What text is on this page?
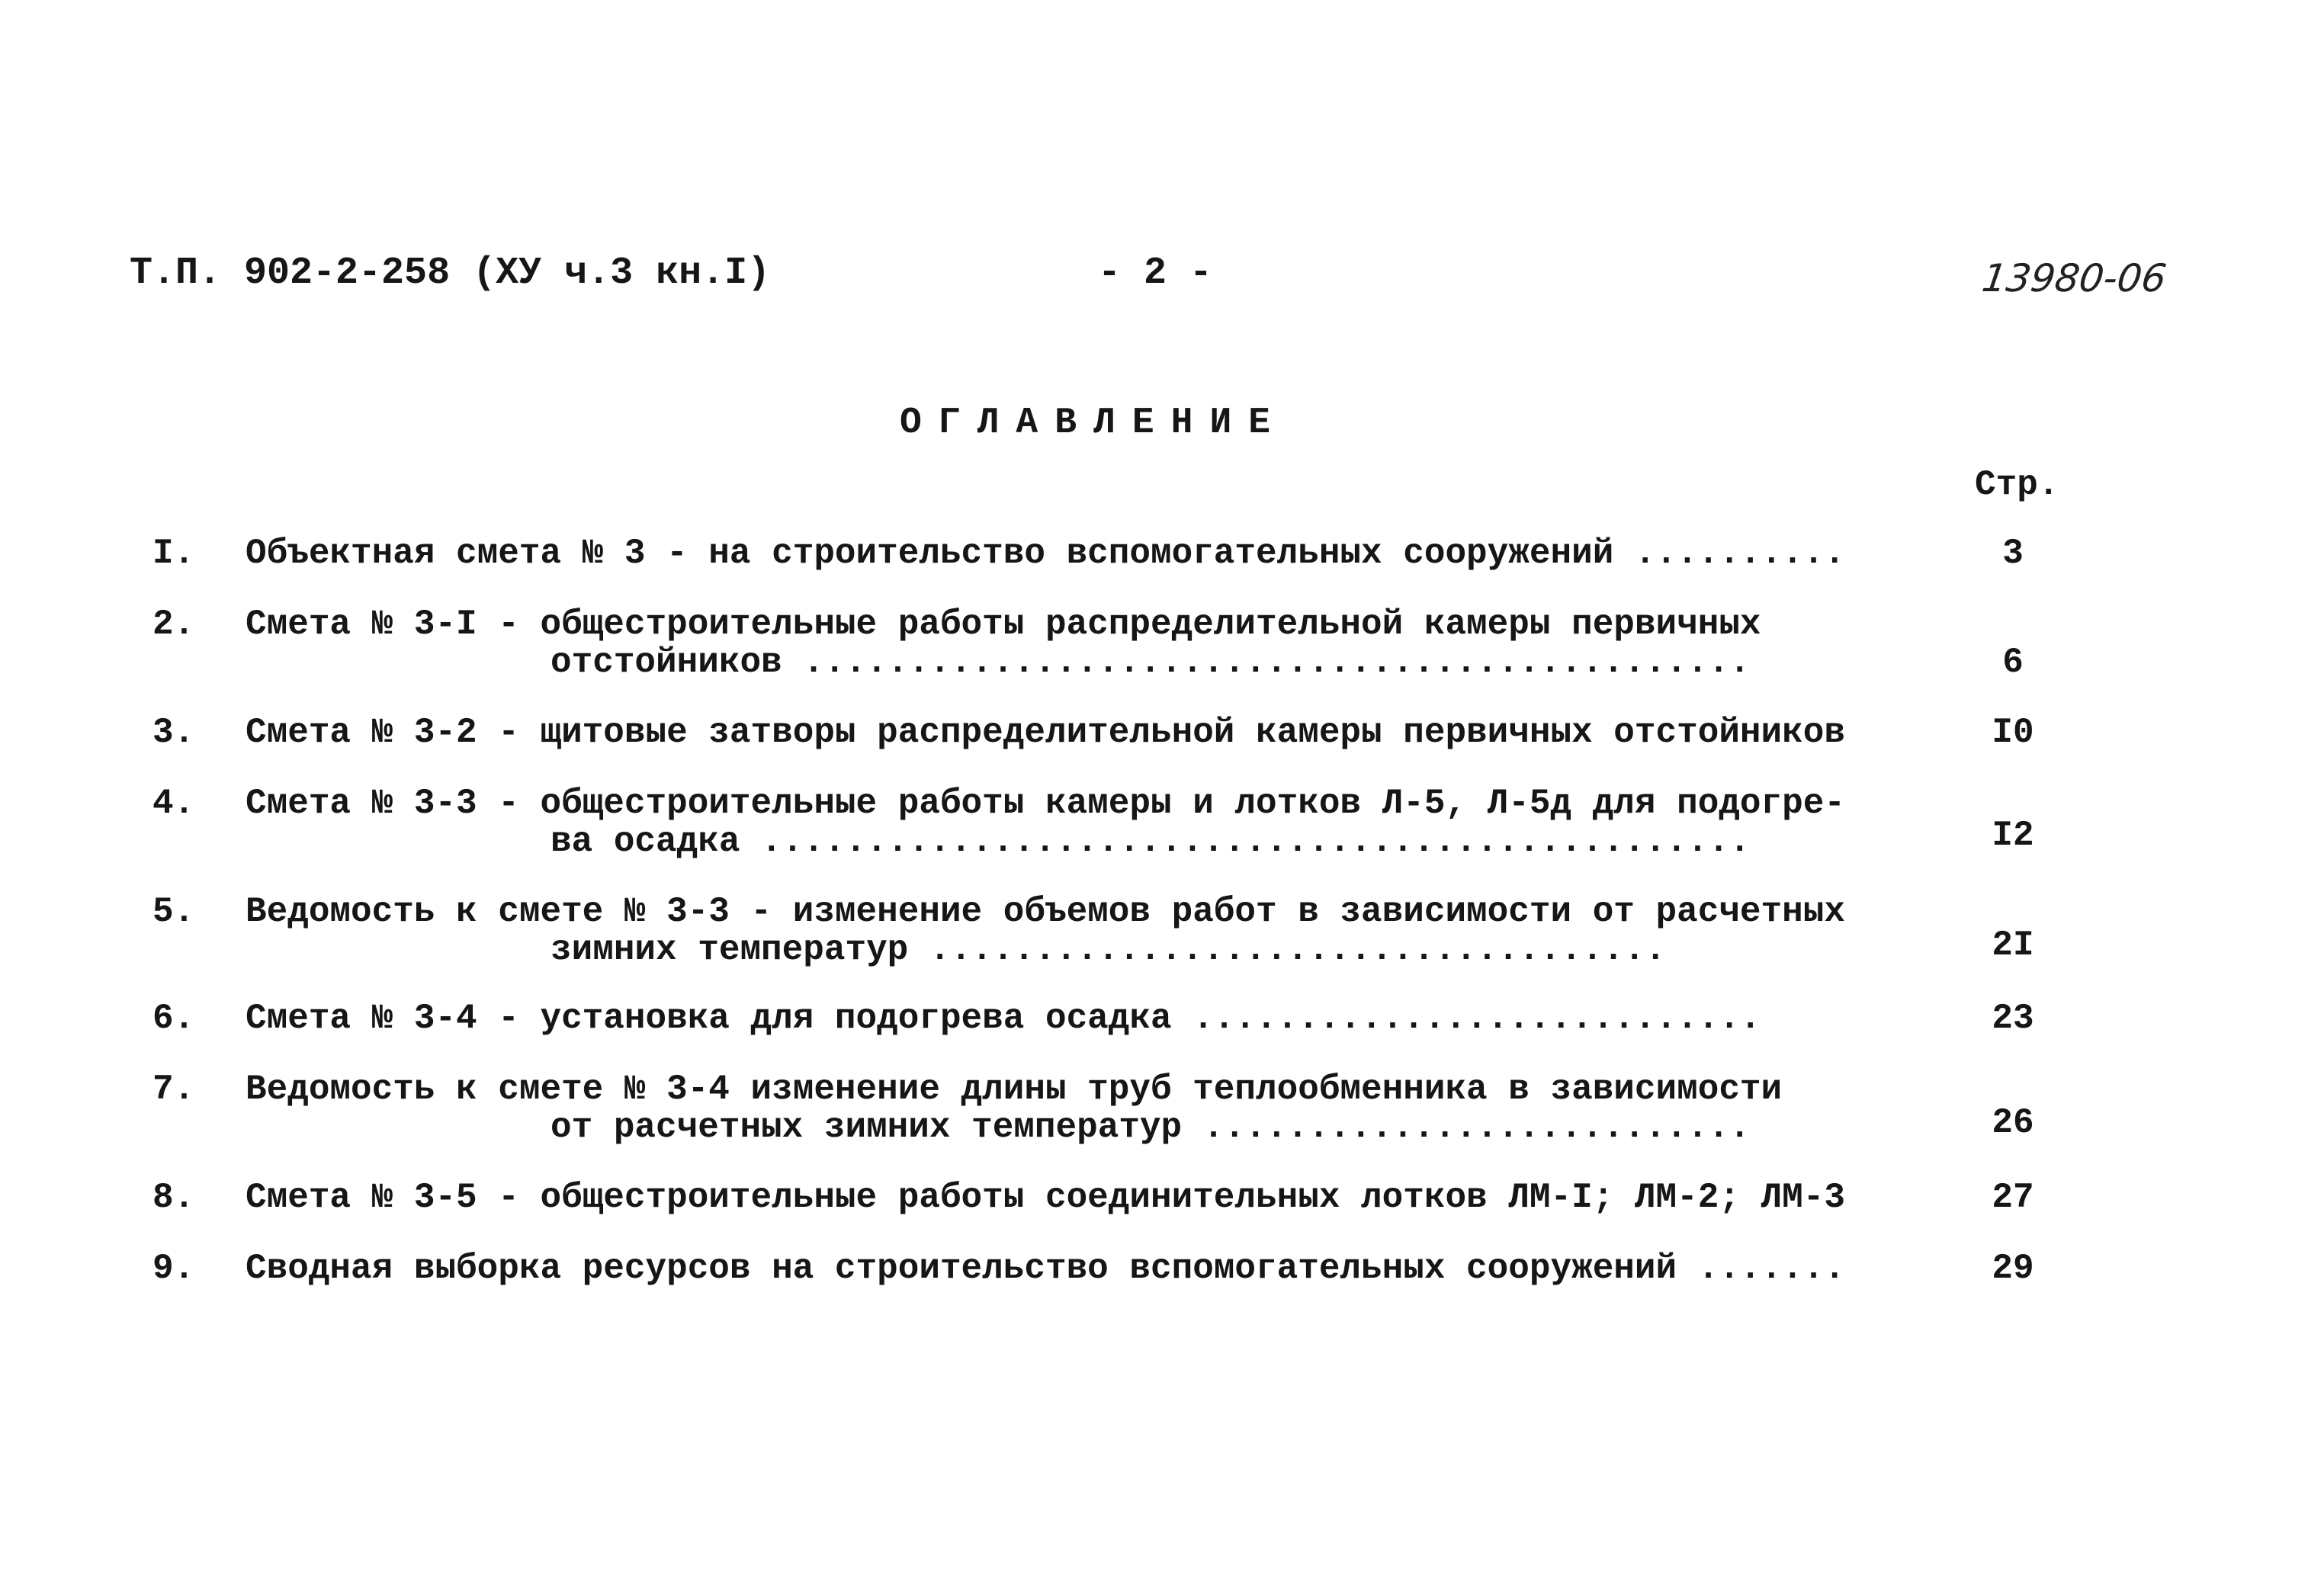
Т.П. 902-2-258 (ХУ ч.3 кн.I)	- 2 -	13980-06
ОГЛАВЛЕНИЕ
Стр.
I. Объектная смета № 3 - на строительство вспомогательных сооружений ..........	3
2. Смета № 3-I - общестроительные работы распределительной камеры первичных
отстойников .............................................	6
3. Смета № 3-2 - щитовые затворы распределительной камеры первичных отстойников	I0
4. Смета № 3-3 - общестроительные работы камеры и лотков Л-5, Л-5д для подогре-
ва осадка ...............................................	I2
5. Ведомость к смете № 3-3 - изменение объемов работ в зависимости от расчетных
зимних температур ...................................	2I
6. Смета № 3-4 - установка для подогрева осадка ...........................	23
7. Ведомость к смете № 3-4 изменение длины труб теплообменника в зависимости
от расчетных зимних температур ..........................	26
8. Смета № 3-5 - общестроительные работы соединительных лотков ЛМ-I; ЛМ-2; ЛМ-3	27
9. Сводная выборка ресурсов на строительство вспомогательных сооружений .......	29
